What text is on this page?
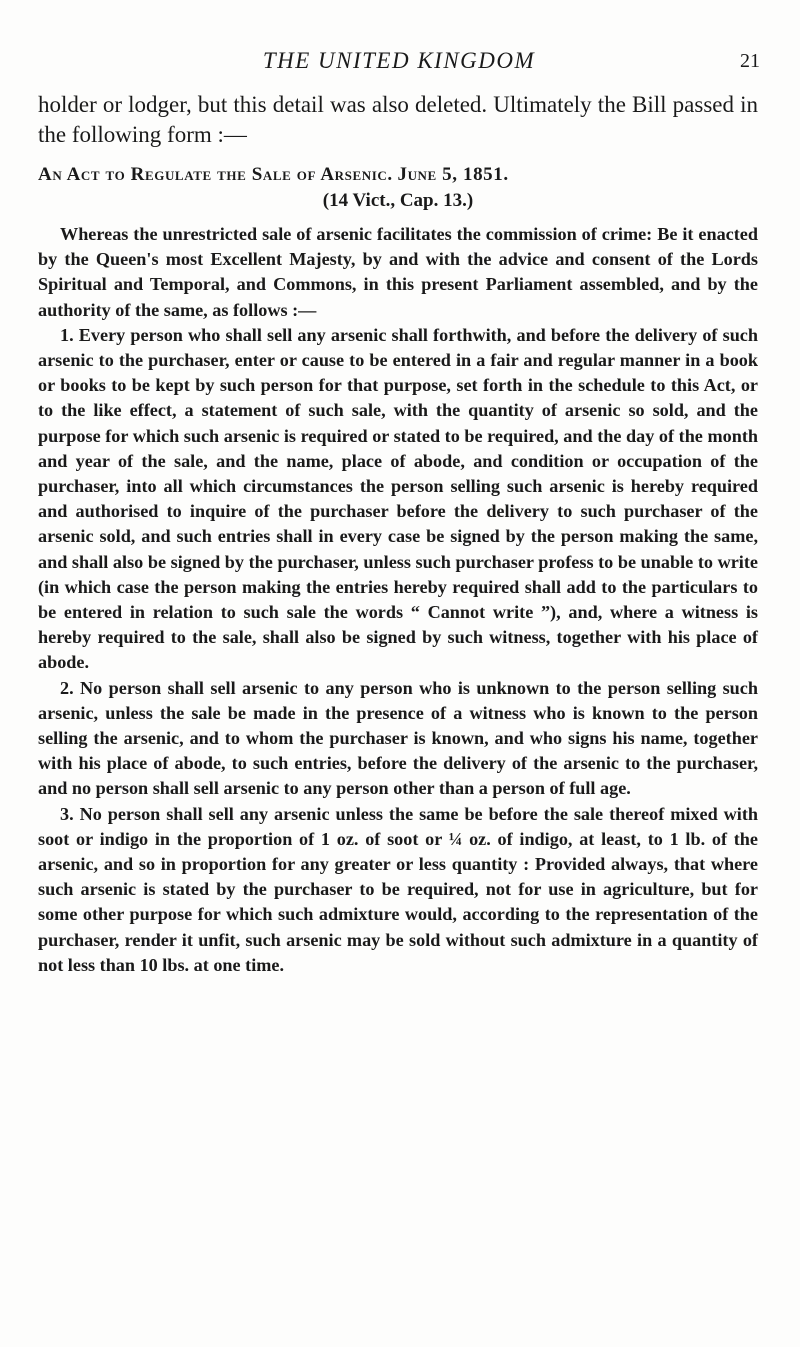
THE UNITED KINGDOM	21

holder or lodger, but this detail was also deleted. Ultimately the Bill passed in the following form :—

An Act to Regulate the Sale of Arsenic. June 5, 1851.

(14 Vict., Cap. 13.)

Whereas the unrestricted sale of arsenic facilitates the commission of crime: Be it enacted by the Queen's most Excellent Majesty, by and with the advice and consent of the Lords Spiritual and Temporal, and Commons, in this present Parliament assembled, and by the authority of the same, as follows :—

1. Every person who shall sell any arsenic shall forthwith, and before the delivery of such arsenic to the purchaser, enter or cause to be entered in a fair and regular manner in a book or books to be kept by such person for that purpose, set forth in the schedule to this Act, or to the like effect, a statement of such sale, with the quantity of arsenic so sold, and the purpose for which such arsenic is required or stated to be required, and the day of the month and year of the sale, and the name, place of abode, and condition or occupation of the purchaser, into all which circumstances the person selling such arsenic is hereby required and authorised to inquire of the purchaser before the delivery to such purchaser of the arsenic sold, and such entries shall in every case be signed by the person making the same, and shall also be signed by the purchaser, unless such purchaser profess to be unable to write (in which case the person making the entries hereby required shall add to the particulars to be entered in relation to such sale the words “ Cannot write ”), and, where a witness is hereby required to the sale, shall also be signed by such witness, together with his place of abode.

2. No person shall sell arsenic to any person who is unknown to the person selling such arsenic, unless the sale be made in the presence of a witness who is known to the person selling the arsenic, and to whom the purchaser is known, and who signs his name, together with his place of abode, to such entries, before the delivery of the arsenic to the purchaser, and no person shall sell arsenic to any person other than a person of full age.

3. No person shall sell any arsenic unless the same be before the sale thereof mixed with soot or indigo in the proportion of 1 oz. of soot or ¼ oz. of indigo, at least, to 1 lb. of the arsenic, and so in proportion for any greater or less quantity : Provided always, that where such arsenic is stated by the purchaser to be required, not for use in agriculture, but for some other purpose for which such admixture would, according to the representation of the purchaser, render it unfit, such arsenic may be sold without such admixture in a quantity of not less than 10 lbs. at one time.
